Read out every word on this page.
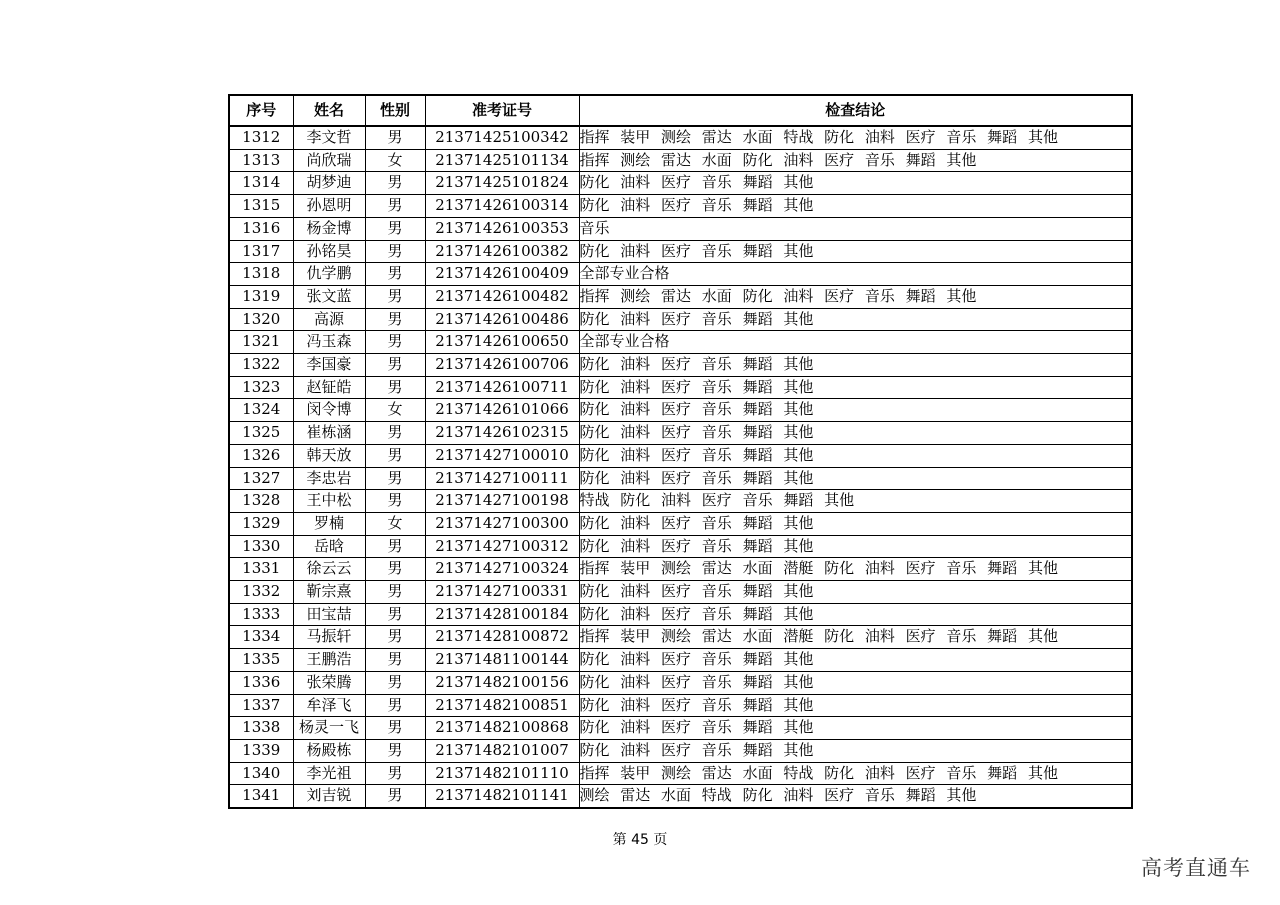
序号	姓名	性别	准考证号	检查结论
1312	李文哲	男	21371425100342	指挥 装甲 测绘 雷达 水面 特战 防化 油料 医疗 音乐 舞蹈 其他
1313	尚欣瑞	女	21371425101134	指挥 测绘 雷达 水面 防化 油料 医疗 音乐 舞蹈 其他
1314	胡梦迪	男	21371425101824	防化 油料 医疗 音乐 舞蹈 其他
1315	孙恩明	男	21371426100314	防化 油料 医疗 音乐 舞蹈 其他
1316	杨金博	男	21371426100353	音乐
1317	孙铭昊	男	21371426100382	防化 油料 医疗 音乐 舞蹈 其他
1318	仇学鹏	男	21371426100409	全部专业合格
1319	张文蓝	男	21371426100482	指挥 测绘 雷达 水面 防化 油料 医疗 音乐 舞蹈 其他
1320	高源	男	21371426100486	防化 油料 医疗 音乐 舞蹈 其他
1321	冯玉森	男	21371426100650	全部专业合格
1322	李国豪	男	21371426100706	防化 油料 医疗 音乐 舞蹈 其他
1323	赵钲皓	男	21371426100711	防化 油料 医疗 音乐 舞蹈 其他
1324	闵令博	女	21371426101066	防化 油料 医疗 音乐 舞蹈 其他
1325	崔栋涵	男	21371426102315	防化 油料 医疗 音乐 舞蹈 其他
1326	韩天放	男	21371427100010	防化 油料 医疗 音乐 舞蹈 其他
1327	李忠岩	男	21371427100111	防化 油料 医疗 音乐 舞蹈 其他
1328	王中松	男	21371427100198	特战 防化 油料 医疗 音乐 舞蹈 其他
1329	罗楠	女	21371427100300	防化 油料 医疗 音乐 舞蹈 其他
1330	岳晗	男	21371427100312	防化 油料 医疗 音乐 舞蹈 其他
1331	徐云云	男	21371427100324	指挥 装甲 测绘 雷达 水面 潜艇 防化 油料 医疗 音乐 舞蹈 其他
1332	靳宗熹	男	21371427100331	防化 油料 医疗 音乐 舞蹈 其他
1333	田宝喆	男	21371428100184	防化 油料 医疗 音乐 舞蹈 其他
1334	马振轩	男	21371428100872	指挥 装甲 测绘 雷达 水面 潜艇 防化 油料 医疗 音乐 舞蹈 其他
1335	王鹏浩	男	21371481100144	防化 油料 医疗 音乐 舞蹈 其他
1336	张荣腾	男	21371482100156	防化 油料 医疗 音乐 舞蹈 其他
1337	牟泽飞	男	21371482100851	防化 油料 医疗 音乐 舞蹈 其他
1338	杨灵一飞	男	21371482100868	防化 油料 医疗 音乐 舞蹈 其他
1339	杨殿栋	男	21371482101007	防化 油料 医疗 音乐 舞蹈 其他
1340	李光祖	男	21371482101110	指挥 装甲 测绘 雷达 水面 特战 防化 油料 医疗 音乐 舞蹈 其他
1341	刘吉锐	男	21371482101141	测绘 雷达 水面 特战 防化 油料 医疗 音乐 舞蹈 其他
第 45 页
高考直通车
